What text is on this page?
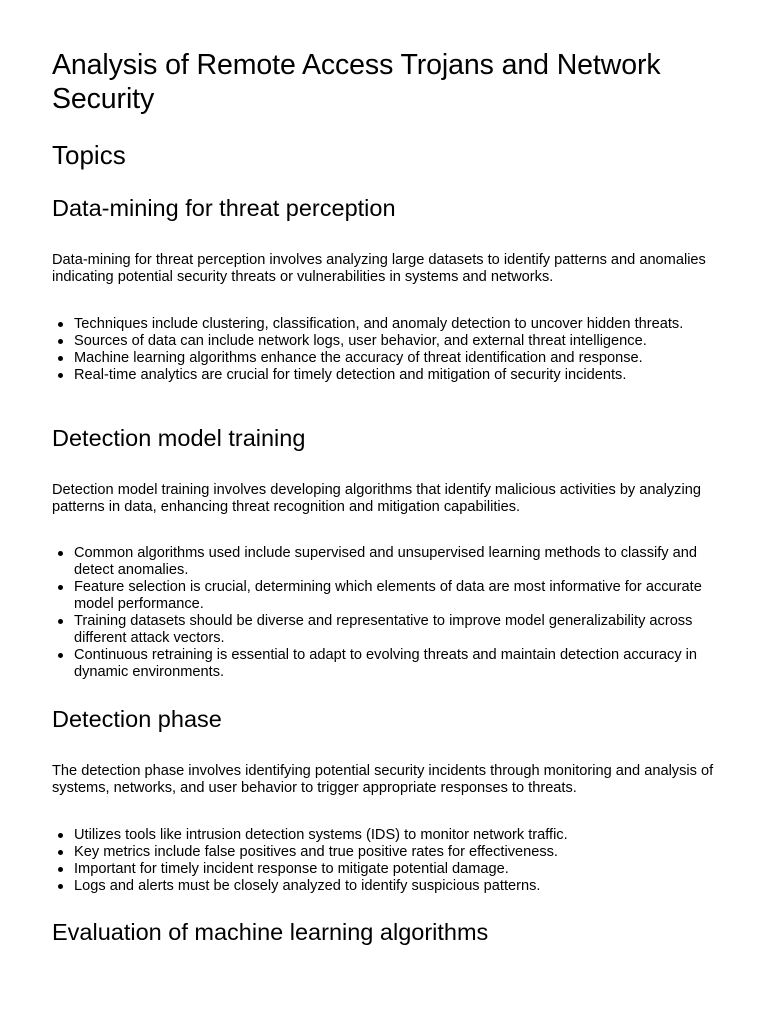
Analysis of Remote Access Trojans and Network Security
Topics
Data-mining for threat perception

Data-mining for threat perception involves analyzing large datasets to identify patterns and anomalies indicating potential security threats or vulnerabilities in systems and networks.

Techniques include clustering, classification, and anomaly detection to uncover hidden threats.
Sources of data can include network logs, user behavior, and external threat intelligence.
Machine learning algorithms enhance the accuracy of threat identification and response.
Real-time analytics are crucial for timely detection and mitigation of security incidents.
Detection model training

Detection model training involves developing algorithms that identify malicious activities by analyzing patterns in data, enhancing threat recognition and mitigation capabilities.

Common algorithms used include supervised and unsupervised learning methods to classify and detect anomalies.
Feature selection is crucial, determining which elements of data are most informative for accurate model performance.
Training datasets should be diverse and representative to improve model generalizability across different attack vectors.
Continuous retraining is essential to adapt to evolving threats and maintain detection accuracy in dynamic environments.
Detection phase

The detection phase involves identifying potential security incidents through monitoring and analysis of systems, networks, and user behavior to trigger appropriate responses to threats.

Utilizes tools like intrusion detection systems (IDS) to monitor network traffic.
Key metrics include false positives and true positive rates for effectiveness.
Important for timely incident response to mitigate potential damage.
Logs and alerts must be closely analyzed to identify suspicious patterns.
Evaluation of machine learning algorithms
